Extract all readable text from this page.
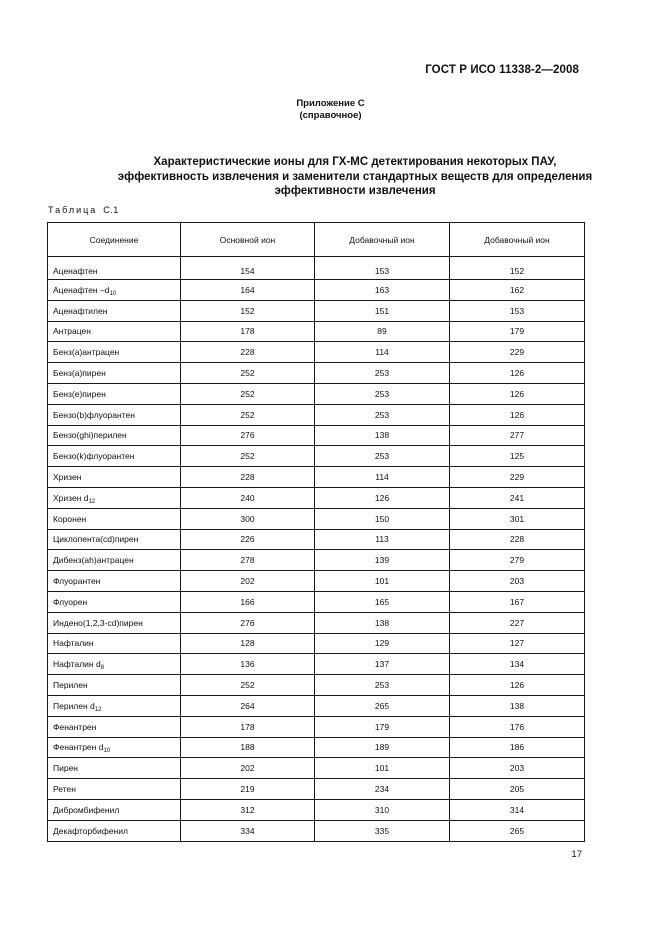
ГОСТ Р ИСО 11338-2—2008
Приложение С
(справочное)
Характеристические ионы для ГХ-МС детектирования некоторых ПАУ,
эффективность извлечения и заменители стандартных веществ для определения
эффективности извлечения
Таблица С.1
Соединение	Основной ион	Добавочный ион	Добавочный ион
Аценафтен	154	153	152
Аценафтен $-d_{10}$	164	163	162
Аценафтилен	152	151	153
Антрацен	178	89	179
Бенз(а)антрацен	228	114	229
Бенз(а)пирен	252	253	126
Бенз(е)пирен	252	253	126
Бензо(b)флуорантен	252	253	126
Бензо(ghi)перилен	276	138	277
Бензо(k)флуорантен	252	253	125
Хризен	228	114	229
Хризен $d_{12}$	240	126	241
Коронен	300	150	301
Циклопента(cd)пирен	226	113	228
Дибенз(ah)антрацен	278	139	279
Флуорантен	202	101	203
Флуорен	166	165	167
Индено(1,2,3-cd)пирен	276	138	227
Нафталин	128	129	127
Нафталин $d_8$	136	137	134
Перилен	252	253	126
Перилен $d_{12}$	264	265	138
Фенантрен	178	179	176
Фенантрен $d_{10}$	188	189	186
Пирен	202	101	203
Ретен	219	234	205
Дибромбифенил	312	310	314
Декафторбифенил	334	335	265
17
